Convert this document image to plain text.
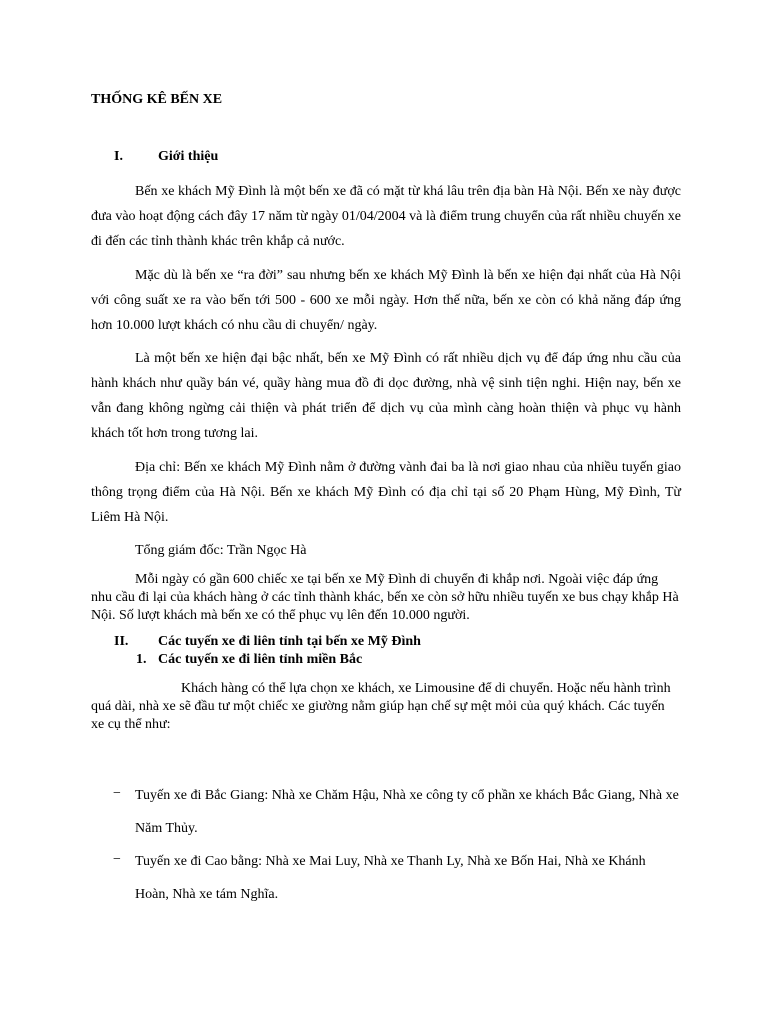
THỐNG KÊ BẾN XE
I.	Giới thiệu
Bến xe khách Mỹ Đình là một bến xe đã có mặt từ khá lâu trên địa bàn Hà Nội. Bến xe này được đưa vào hoạt động cách đây 17 năm từ ngày 01/04/2004 và là điểm trung chuyển của rất nhiều chuyến xe đi đến các tỉnh thành khác trên khắp cả nước.
Mặc dù là bến xe “ra đời” sau nhưng bến xe khách Mỹ Đình là bến xe hiện đại nhất của Hà Nội với công suất xe ra vào bến tới 500 - 600 xe mỗi ngày. Hơn thế nữa, bến xe còn có khả năng đáp ứng hơn 10.000 lượt khách có nhu cầu di chuyển/ ngày.
Là một bến xe hiện đại bậc nhất, bến xe Mỹ Đình có rất nhiều dịch vụ để đáp ứng nhu cầu của hành khách như quầy bán vé, quầy hàng mua đồ đi dọc đường, nhà vệ sinh tiện nghi. Hiện nay, bến xe vẫn đang không ngừng cải thiện và phát triển để dịch vụ của mình càng hoàn thiện và phục vụ hành khách tốt hơn trong tương lai.
Địa chỉ: Bến xe khách Mỹ Đình nằm ở đường vành đai ba là nơi giao nhau của nhiều tuyến giao thông trọng điểm của Hà Nội. Bến xe khách Mỹ Đình có địa chỉ tại số 20 Phạm Hùng, Mỹ Đình, Từ Liêm Hà Nội.
Tổng giám đốc: Trần Ngọc Hà
Mỗi ngày có gần 600 chiếc xe tại bến xe Mỹ Đình di chuyển đi khắp nơi. Ngoài việc đáp ứng nhu cầu đi lại của khách hàng ở các tỉnh thành khác, bến xe còn sở hữu nhiều tuyến xe bus chạy khắp Hà Nội. Số lượt khách mà bến xe có thể phục vụ lên đến 10.000 người.
II. Các tuyến xe đi liên tỉnh tại bến xe Mỹ Đình
1. Các tuyến xe đi liên tỉnh miền Bắc
Khách hàng có thể lựa chọn xe khách, xe Limousine để di chuyển. Hoặc nếu hành trình quá dài, nhà xe sẽ đầu tư một chiếc xe giường nằm giúp hạn chế sự mệt mỏi của quý khách. Các tuyến xe cụ thể như:
− Tuyến xe đi Bắc Giang: Nhà xe Chăm Hậu, Nhà xe công ty cổ phần xe khách Bắc Giang, Nhà xe Năm Thủy.
− Tuyến xe đi Cao bằng: Nhà xe Mai Luy, Nhà xe Thanh Ly, Nhà xe Bốn Hai, Nhà xe Khánh Hoàn, Nhà xe tám Nghĩa.
